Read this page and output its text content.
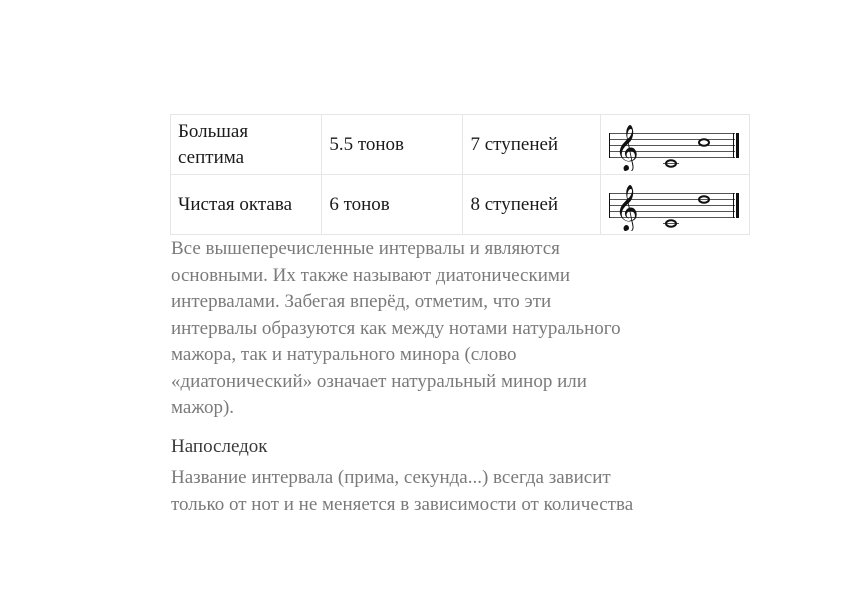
Большая
септима	5.5 тонов	7 ступеней	𝄞

Чистая октава	6 тонов	8 ступеней	𝄞

Все вышеперечисленные интервалы и являются
основными. Их также называют диатоническими
интервалами. Забегая вперёд, отметим, что эти
интервалы образуются как между нотами натурального
мажора, так и натурального минора (слово
«диатонический» означает натуральный минор или
мажор).

Напоследок

Название интервала (прима, секунда...) всегда зависит
только от нот и не меняется в зависимости от количества
